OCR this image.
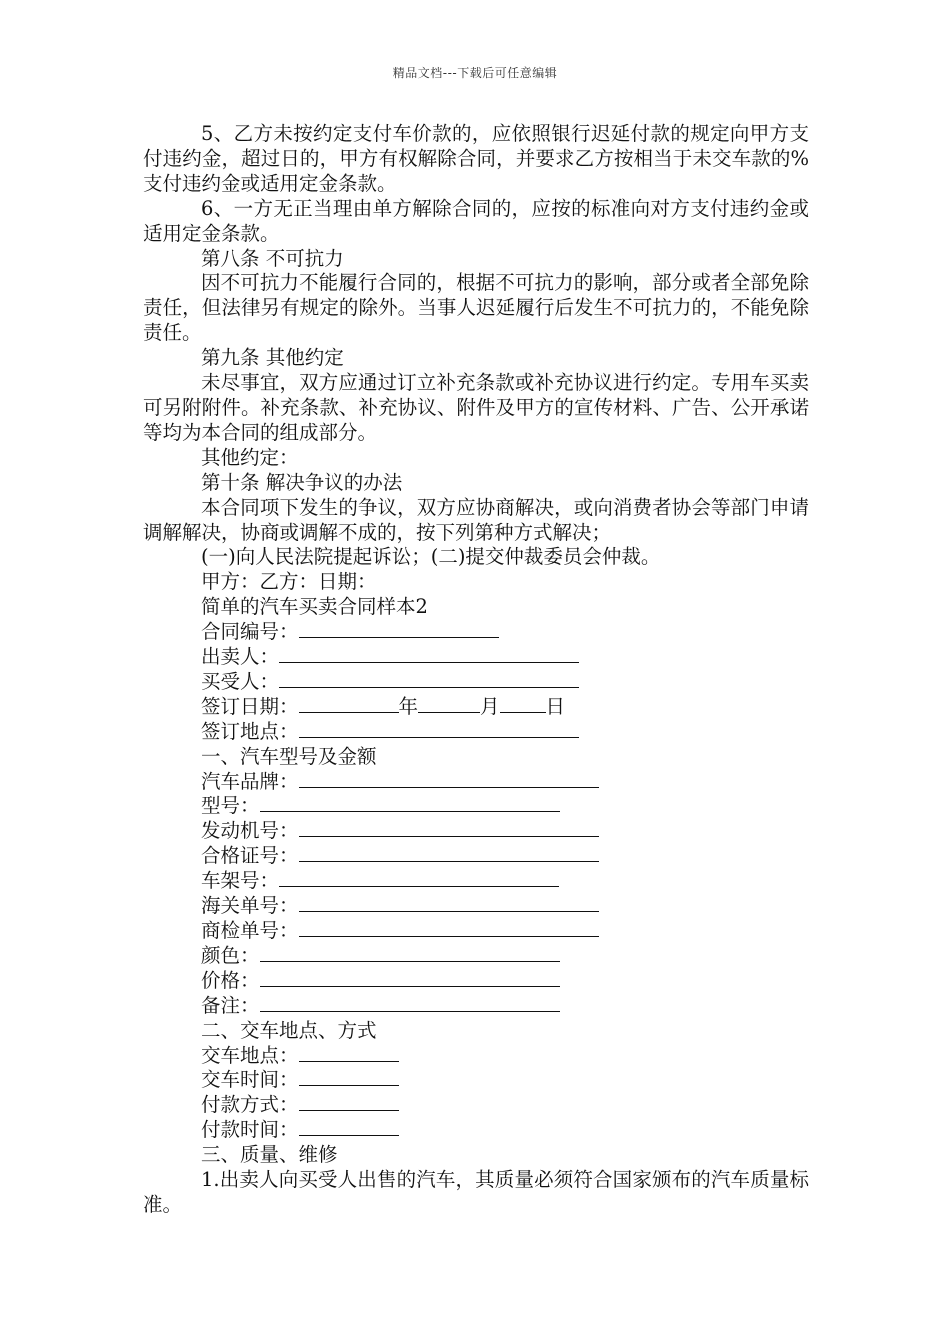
精品文档---下载后可任意编辑

5、乙方未按约定支付车价款的，应依照银行迟延付款的规定向甲方支付违约金，超过日的，甲方有权解除合同，并要求乙方按相当于未交车款的%支付违约金或适用定金条款。

6、一方无正当理由单方解除合同的，应按的标准向对方支付违约金或适用定金条款。

第八条 不可抗力

因不可抗力不能履行合同的，根据不可抗力的影响，部分或者全部免除责任，但法律另有规定的除外。当事人迟延履行后发生不可抗力的，不能免除责任。

第九条 其他约定

未尽事宜，双方应通过订立补充条款或补充协议进行约定。专用车买卖可另附附件。补充条款、补充协议、附件及甲方的宣传材料、广告、公开承诺等均为本合同的组成部分。

其他约定：

第十条 解决争议的办法

本合同项下发生的争议，双方应协商解决，或向消费者协会等部门申请调解解决，协商或调解不成的，按下列第种方式解决；

(一)向人民法院提起诉讼；(二)提交仲裁委员会仲裁。

甲方：乙方：日期：

简单的汽车买卖合同样本2

合同编号：

出卖人：

买受人：

签订日期：	年	月 日

签订地点：

一、汽车型号及金额

汽车品牌：

型号：

发动机号：

合格证号：

车架号：

海关单号：

商检单号：

颜色：

价格：

备注：

二、交车地点、方式

交车地点：

交车时间：

付款方式：

付款时间：

三、质量、维修

1.出卖人向买受人出售的汽车，其质量必须符合国家颁布的汽车质量标准。
